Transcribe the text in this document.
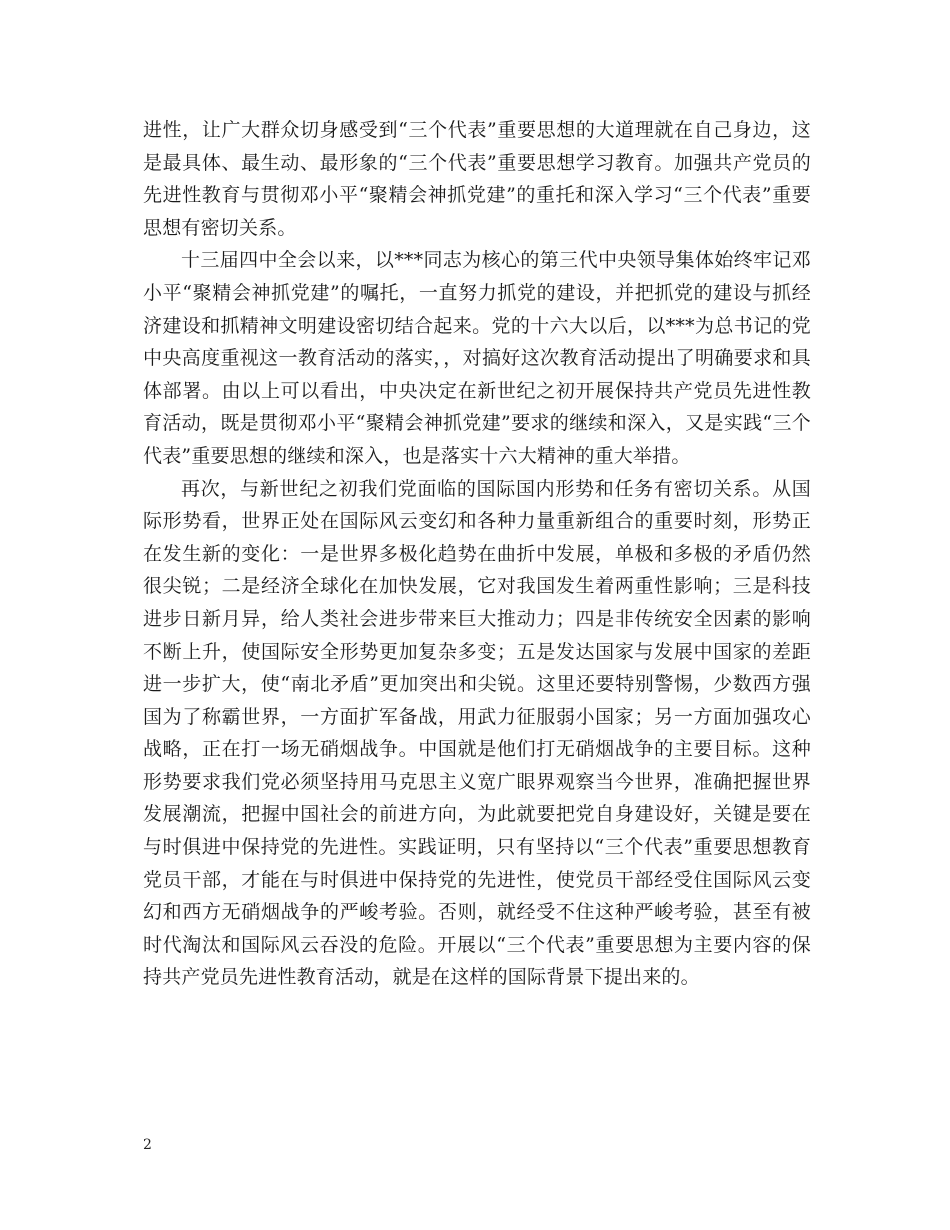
进性，让广大群众切身感受到“三个代表”重要思想的大道理就在自己身边，这是最具体、最生动、最形象的“三个代表”重要思想学习教育。加强共产党员的先进性教育与贯彻邓小平“聚精会神抓党建”的重托和深入学习“三个代表”重要思想有密切关系。

十三届四中全会以来，以***同志为核心的第三代中央领导集体始终牢记邓小平“聚精会神抓党建”的嘱托，一直努力抓党的建设，并把抓党的建设与抓经济建设和抓精神文明建设密切结合起来。党的十六大以后，以***为总书记的党中央高度重视这一教育活动的落实，，对搞好这次教育活动提出了明确要求和具体部署。由以上可以看出，中央决定在新世纪之初开展保持共产党员先进性教育活动，既是贯彻邓小平“聚精会神抓党建”要求的继续和深入，又是实践“三个代表”重要思想的继续和深入，也是落实十六大精神的重大举措。

再次，与新世纪之初我们党面临的国际国内形势和任务有密切关系。从国际形势看，世界正处在国际风云变幻和各种力量重新组合的重要时刻，形势正在发生新的变化：一是世界多极化趋势在曲折中发展，单极和多极的矛盾仍然很尖锐；二是经济全球化在加快发展，它对我国发生着两重性影响；三是科技进步日新月异，给人类社会进步带来巨大推动力；四是非传统安全因素的影响不断上升，使国际安全形势更加复杂多变；五是发达国家与发展中国家的差距进一步扩大，使“南北矛盾”更加突出和尖锐。这里还要特别警惕，少数西方强国为了称霸世界，一方面扩军备战，用武力征服弱小国家；另一方面加强攻心战略，正在打一场无硝烟战争。中国就是他们打无硝烟战争的主要目标。这种形势要求我们党必须坚持用马克思主义宽广眼界观察当今世界，准确把握世界发展潮流，把握中国社会的前进方向，为此就要把党自身建设好，关键是要在与时俱进中保持党的先进性。实践证明，只有坚持以“三个代表”重要思想教育党员干部，才能在与时俱进中保持党的先进性，使党员干部经受住国际风云变幻和西方无硝烟战争的严峻考验。否则，就经受不住这种严峻考验，甚至有被时代淘汰和国际风云吞没的危险。开展以“三个代表”重要思想为主要内容的保持共产党员先进性教育活动，就是在这样的国际背景下提出来的。

2
